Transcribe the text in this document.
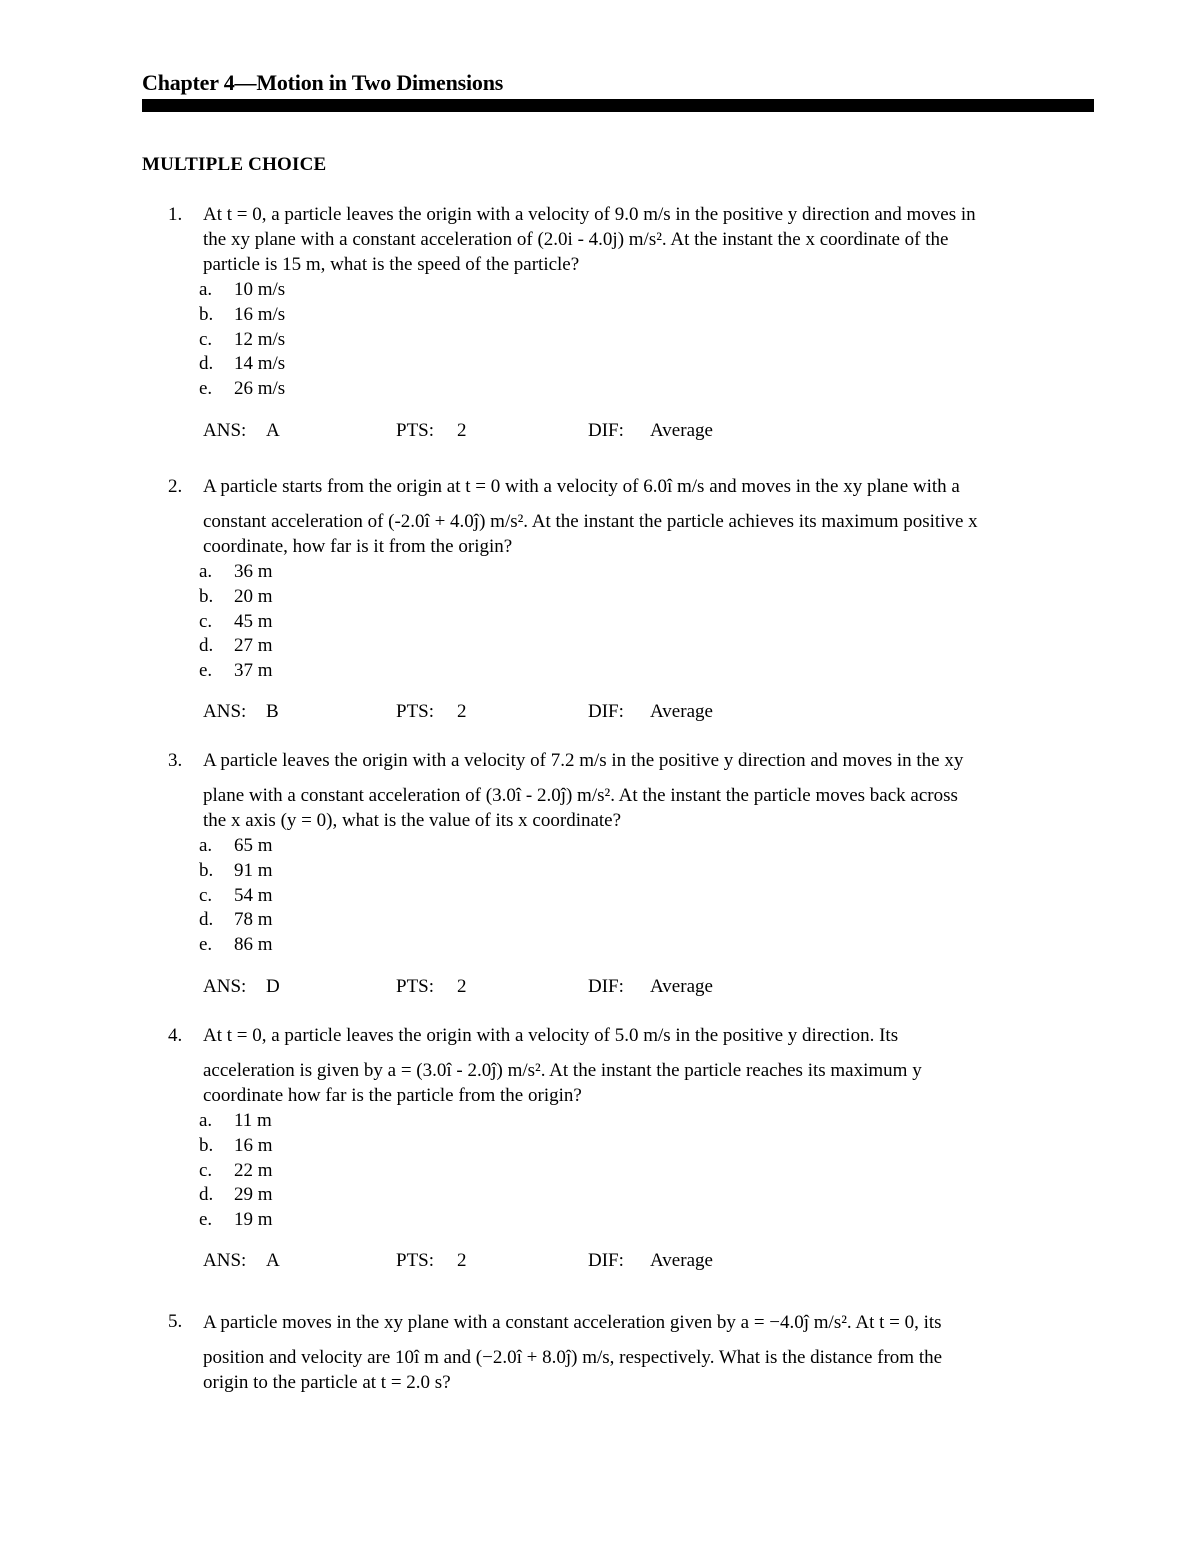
Chapter 4—Motion in Two Dimensions
MULTIPLE CHOICE
1. At t = 0, a particle leaves the origin with a velocity of 9.0 m/s in the positive y direction and moves in
the xy plane with a constant acceleration of (2.0i - 4.0j) m/s². At the instant the x coordinate of the
particle is 15 m, what is the speed of the particle?
a. 10 m/s
b. 16 m/s
c. 12 m/s
d. 14 m/s
e. 26 m/s
ANS: A	PTS: 2	DIF: Average
2. A particle starts from the origin at t = 0 with a velocity of 6.0î m/s and moves in the xy plane with a
constant acceleration of (-2.0î + 4.0ĵ) m/s². At the instant the particle achieves its maximum positive x
coordinate, how far is it from the origin?
a. 36 m
b. 20 m
c. 45 m
d. 27 m
e. 37 m
ANS: B	PTS: 2	DIF: Average
3. A particle leaves the origin with a velocity of 7.2 m/s in the positive y direction and moves in the xy
plane with a constant acceleration of (3.0î - 2.0ĵ) m/s². At the instant the particle moves back across
the x axis (y = 0), what is the value of its x coordinate?
a. 65 m
b. 91 m
c. 54 m
d. 78 m
e. 86 m
ANS: D	PTS: 2	DIF: Average
4. At t = 0, a particle leaves the origin with a velocity of 5.0 m/s in the positive y direction. Its
acceleration is given by a = (3.0î - 2.0ĵ) m/s². At the instant the particle reaches its maximum y
coordinate how far is the particle from the origin?
a. 11 m
b. 16 m
c. 22 m
d. 29 m
e. 19 m
ANS: A	PTS: 2	DIF: Average
5. A particle moves in the xy plane with a constant acceleration given by a = −4.0ĵ m/s². At t = 0, its
position and velocity are 10î m and (−2.0î + 8.0ĵ) m/s, respectively. What is the distance from the
origin to the particle at t = 2.0 s?
